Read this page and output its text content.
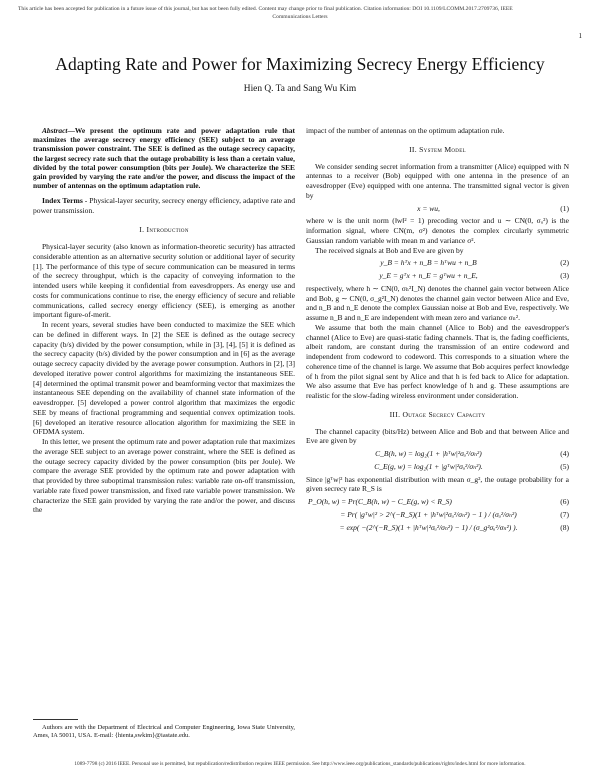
This article has been accepted for publication in a future issue of this journal, but has not been fully edited. Content may change prior to final publication. Citation information: DOI 10.1109/LCOMM.2017.2709736, IEEE
Communications Letters
1
Adapting Rate and Power for Maximizing Secrecy Energy Efficiency
Hien Q. Ta and Sang Wu Kim

Abstract—We present the optimum rate and power adaptation rule that maximizes the average secrecy energy efficiency (SEE) subject to an average transmission power constraint. The SEE is defined as the outage secrecy capacity, the largest secrecy rate such that the outage probability is less than a certain value, divided by the total power consumption (bits per Joule). We characterize the SEE gain provided by varying the rate and/or the power, and discuss the impact of the number of antennas on the optimum adaptation rule.

Index Terms - Physical-layer security, secrecy energy efficiency, adaptive rate and power transmission.

I. Introduction

Physical-layer security (also known as information-theoretic security) has attracted considerable attention as an alternative security solution or additional layer of security [1]. The performance of this type of secure communication can be measured in terms of the secrecy throughput, which is the capacity of conveying information to the intended users while keeping it confidential from eavesdroppers. As energy use and costs for communications continue to rise, the energy efficiency of secure and reliable communications, called secrecy energy efficiency (SEE), is emerging as another important figure-of-merit.

In recent years, several studies have been conducted to maximize the SEE which can be defined in different ways. In [2] the SEE is defined as the outage secrecy capacity (b/s) divided by the power consumption, while in [3], [4], [5] it is defined as the secrecy capacity (b/s) divided by the power consumption and in [6] as the average outage secrecy capacity divided by the average power consumption. Authors in [2], [3] developed iterative power control algorithms for maximizing the instantaneous SEE. [4] determined the optimal transmit power and beamforming vector that maximizes the instantaneous SEE depending on the availability of channel state information of the eavesdropper. [5] developed a power control algorithm that maximizes the ergodic SEE by means of fractional programming and sequential convex optimization tools. [6] developed an iterative resource allocation algorithm for maximizing the SEE in OFDMA system.

In this letter, we present the optimum rate and power adaptation rule that maximizes the average SEE subject to an average power constraint, where the SEE is defined as the outage secrecy capacity divided by the power consumption (bits per Joule). We compare the average SEE provided by the optimum rate and power adaptation with that provided by three suboptimal transmission rules: variable rate on-off transmission, variable rate fixed power transmission, and fixed rate variable power transmission. We characterize the SEE gain provided by varying the rate and/or the power, and discuss the

Authors are with the Department of Electrical and Computer Engineering, Iowa State University, Ames, IA 50011, USA. E-mail: {hienta,swkim}@iastate.edu.

impact of the number of antennas on the optimum adaptation rule.

II. System Model

We consider sending secret information from a transmitter (Alice) equipped with N antennas to a receiver (Bob) equipped with one antenna in the presence of an eavesdropper (Eve) equipped with one antenna. The transmitted signal vector is given by

x = wu,	(1)

where w is the unit norm (‖w‖² = 1) precoding vector and u ∼ CN(0, σᵤ²) is the information signal, where CN(m, σ²) denotes the complex circularly symmetric Gaussian random variable with mean m and variance σ².

The received signals at Bob and Eve are given by

y_B = hᵀx + n_B = hᵀwu + n_B	(2)
y_E = gᵀx + n_E = gᵀwu + n_E,	(3)

respectively, where h ∼ CN(0, σₕ²I_N) denotes the channel gain vector between Alice and Bob, g ∼ CN(0, σ_g²I_N) denotes the channel gain vector between Alice and Eve, and n_B and n_E denote the complex Gaussian noise at Bob and Eve, respectively. We assume n_B and n_E are independent with mean zero and variance σₙ².

We assume that both the main channel (Alice to Bob) and the eavesdropper's channel (Alice to Eve) are quasi-static fading channels. That is, the fading coefficients, albeit random, are constant during the transmission of an entire codeword and independent from codeword to codeword. This corresponds to a situation where the coherence time of the channel is large. We assume that Bob acquires perfect knowledge of h from the pilot signal sent by Alice and that h is fed back to Alice for adaptation. We also assume that Eve has perfect knowledge of h and g. These assumptions are realistic for the slow-fading wireless environment under consideration.

III. Outage Secrecy Capacity

The channel capacity (bits/Hz) between Alice and Bob and that between Alice and Eve are given by

C_B(h, w) = log₂(1 + |hᵀw|²σᵤ²/σₙ²)	(4)
C_E(g, w) = log₂(1 + |gᵀw|²σᵤ²/σₙ²).	(5)

Since |gᵀw|² has exponential distribution with mean σ_g², the outage probability for a given secrecy rate R_S is

P_O(h, w) = Pr(C_B(h, w) − C_E(g, w) < R_S)	(6)
= Pr( |gᵀw|² > 2^(−R_S)(1 + |hᵀw|²σᵤ²/σₙ²) − 1 ) / (σᵤ²/σₙ²)	(7)
= exp( −(2^(−R_S)(1 + |hᵀw|²σᵤ²/σₙ²) − 1) / (σ_g²σᵤ²/σₙ²) ).	(8)
1089-7798 (c) 2016 IEEE. Personal use is permitted, but republication/redistribution requires IEEE permission. See http://www.ieee.org/publications_standards/publications/rights/index.html for more information.
